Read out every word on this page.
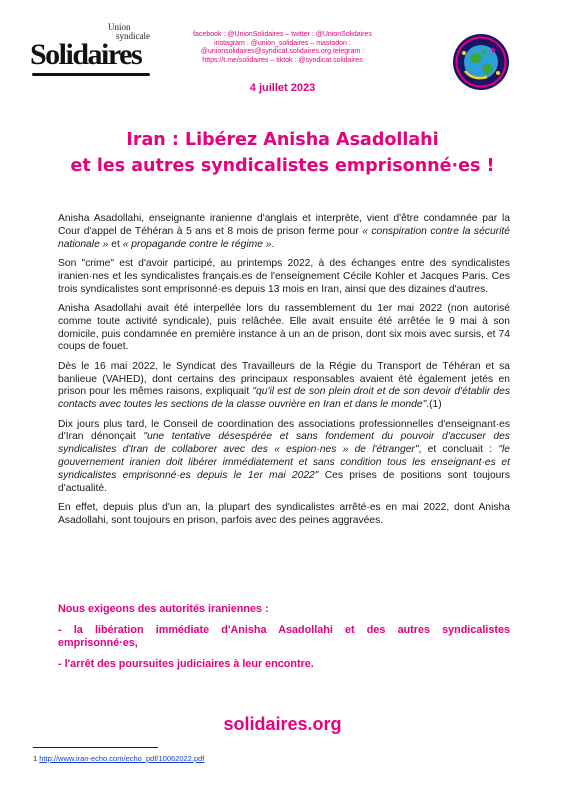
Union
syndicale
Solidaires
facebook : @UnionSolidaires – twitter : @UnionSolidaires
instagram : @union_solidaires – mastodon :
@unionsolidaires@syndicat.solidaires.org telegram :
https://t.me/solidaires – tiktok : @syndicat.solidaires
4 juillet 2023
Iran : Libérez Anisha Asadollahi
et les autres syndicalistes emprisonné·es !

Anisha Asadollahi, enseignante iranienne d'anglais et interprète, vient d'être condamnée par la Cour d'appel de Téhéran à 5 ans et 8 mois de prison ferme pour « conspiration contre la sécurité nationale » et « propagande contre le régime ».

Son "crime" est d'avoir participé, au printemps 2022, à des échanges entre des syndicalistes iranien·nes et les syndicalistes français.es de l'enseignement Cécile Kohler et Jacques Paris. Ces trois syndicalistes sont emprisonné·es depuis 13 mois en Iran, ainsi que des dizaines d'autres.

Anisha Asadollahi avait été interpellée lors du rassemblement du 1er mai 2022 (non autorisé comme toute activité syndicale), puis relâchée. Elle avait ensuite été arrêtée le 9 mai à son domicile, puis condamnée en première instance à un an de prison, dont six mois avec sursis, et 74 coups de fouet.

Dès le 16 mai 2022, le Syndicat des Travailleurs de la Régie du Transport de Téhéran et sa banlieue (VAHED), dont certains des principaux responsables avaient été également jetés en prison pour les mêmes raisons, expliquait "qu'il est de son plein droit et de son devoir d'établir des contacts avec toutes les sections de la classe ouvrière en Iran et dans le monde".(1)

Dix jours plus tard, le Conseil de coordination des associations professionnelles d'enseignant·es d'Iran dénonçait "une tentative désespérée et sans fondement du pouvoir d'accuser des syndicalistes d'Iran de collaborer avec des « espion·nes » de l'étranger", et concluait : "le gouvernement iranien doit libérer immédiatement et sans condition tous les enseignant·es et syndicalistes emprisonné·es depuis le 1er mai 2022" Ces prises de positions sont toujours d'actualité.

En effet, depuis plus d'un an, la plupart des syndicalistes arrêté·es en mai 2022, dont Anisha Asadollahi, sont toujours en prison, parfois avec des peines aggravées.

Nous exigeons des autorités iraniennes :

- la libération immédiate d'Anisha Asadollahi et des autres syndicalistes emprisonné·es,

- l'arrêt des poursuites judiciaires à leur encontre.

solidaires.org
1 http://www.iran-echo.com/echo_pdf/10062022.pdf
